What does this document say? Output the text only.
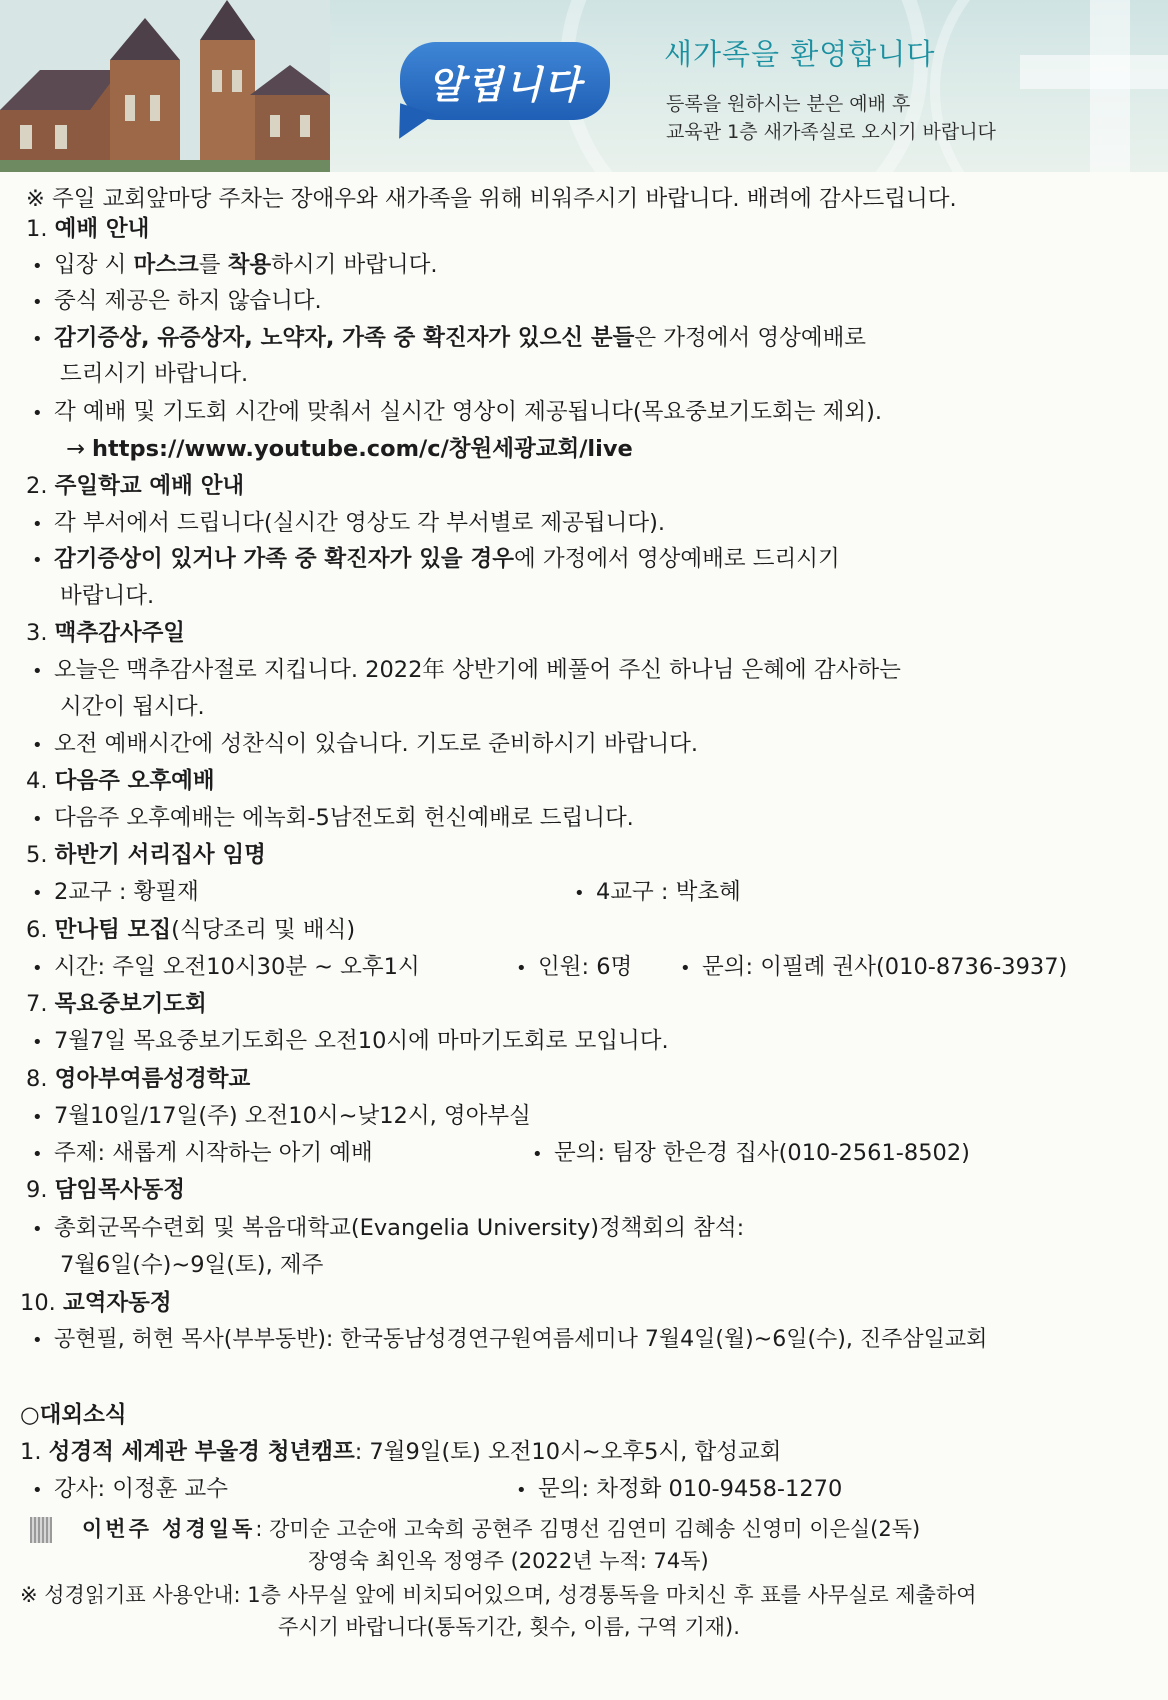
알립니다
새가족을 환영합니다
등록을 원하시는 분은 예배 후
교육관 1층 새가족실로 오시기 바랍니다
※ 주일 교회앞마당 주차는 장애우와 새가족을 위해 비워주시기 바랍니다. 배려에 감사드립니다.
1. 예배 안내
• 입장 시 마스크를 착용하시기 바랍니다.
• 중식 제공은 하지 않습니다.
• 감기증상, 유증상자, 노약자, 가족 중 확진자가 있으신 분들은 가정에서 영상예배로
드리시기 바랍니다.
• 각 예배 및 기도회 시간에 맞춰서 실시간 영상이 제공됩니다(목요중보기도회는 제외).
→ https://www.youtube.com/c/창원세광교회/live
2. 주일학교 예배 안내
• 각 부서에서 드립니다(실시간 영상도 각 부서별로 제공됩니다).
• 감기증상이 있거나 가족 중 확진자가 있을 경우에 가정에서 영상예배로 드리시기
바랍니다.
3. 맥추감사주일
• 오늘은 맥추감사절로 지킵니다. 2022年 상반기에 베풀어 주신 하나님 은혜에 감사하는
시간이 됩시다.
• 오전 예배시간에 성찬식이 있습니다. 기도로 준비하시기 바랍니다.
4. 다음주 오후예배
• 다음주 오후예배는 에녹회-5남전도회 헌신예배로 드립니다.
5. 하반기 서리집사 임명
• 2교구 : 황필재	• 4교구 : 박초혜
6. 만나팀 모집(식당조리 및 배식)
• 시간: 주일 오전10시30분 ~ 오후1시	• 인원: 6명	• 문의: 이필례 권사(010-8736-3937)
7. 목요중보기도회
• 7월7일 목요중보기도회은 오전10시에 마마기도회로 모입니다.
8. 영아부여름성경학교
• 7월10일/17일(주) 오전10시~낮12시, 영아부실
• 주제: 새롭게 시작하는 아기 예배	• 문의: 팀장 한은경 집사(010-2561-8502)
9. 담임목사동정
• 총회군목수련회 및 복음대학교(Evangelia University)정책회의 참석:
7월6일(수)~9일(토), 제주
10. 교역자동정
• 공현필, 허현 목사(부부동반): 한국동남성경연구원여름세미나 7월4일(월)~6일(수), 진주삼일교회
○대외소식
1. 성경적 세계관 부울경 청년캠프: 7월9일(토) 오전10시~오후5시, 합성교회
• 강사: 이정훈 교수	• 문의: 차정화 010-9458-1270
이번주 성경일독: 강미순 고순애 고숙희 공현주 김명선 김연미 김혜송 신영미 이은실(2독)
장영숙 최인옥 정영주 (2022년 누적: 74독)
※ 성경읽기표 사용안내: 1층 사무실 앞에 비치되어있으며, 성경통독을 마치신 후 표를 사무실로 제출하여
주시기 바랍니다(통독기간, 횟수, 이름, 구역 기재).
